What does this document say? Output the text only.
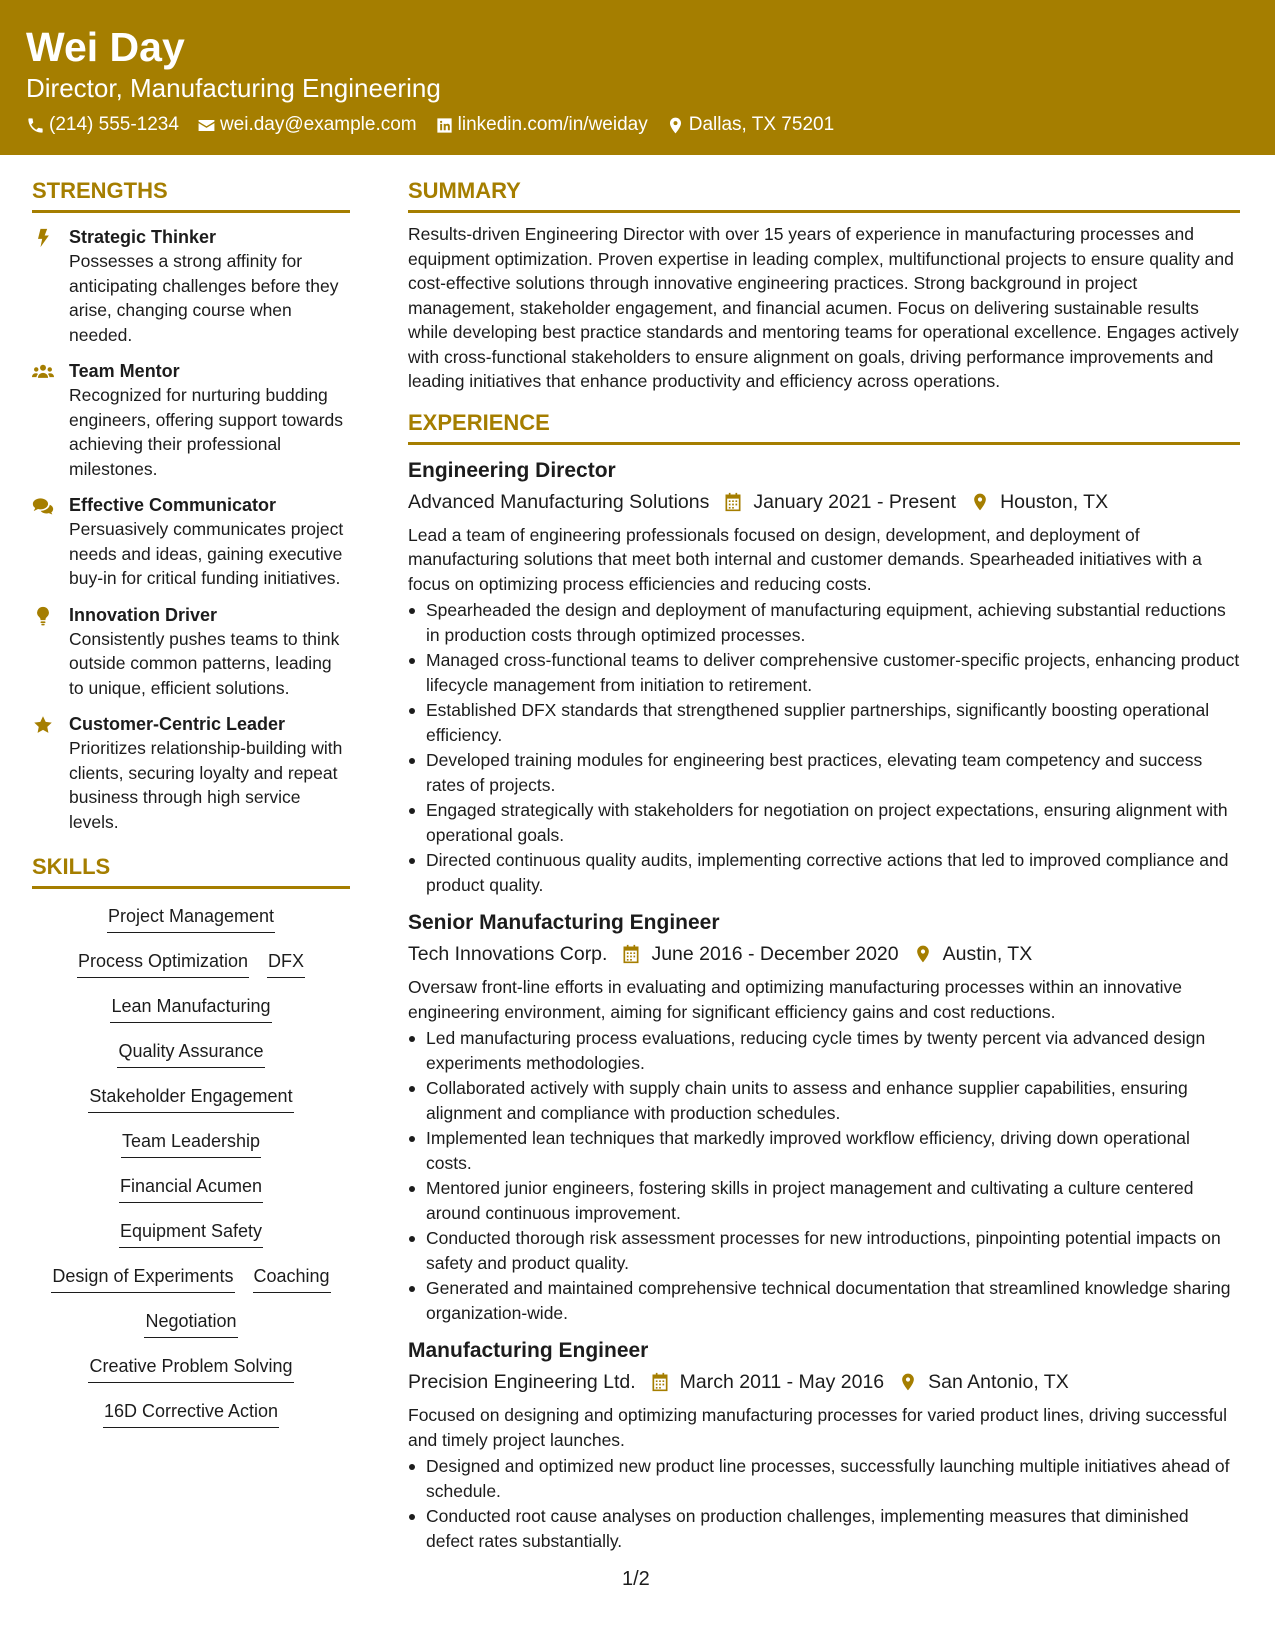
Wei Day
Director, Manufacturing Engineering
(214) 555-1234 wei.day@example.com linkedin.com/in/weiday Dallas, TX 75201
STRENGTHS
Strategic Thinker
Possesses a strong affinity for anticipating challenges before they arise, changing course when needed.
Team Mentor
Recognized for nurturing budding engineers, offering support towards achieving their professional milestones.
Effective Communicator
Persuasively communicates project needs and ideas, gaining executive buy-in for critical funding initiatives.
Innovation Driver
Consistently pushes teams to think outside common patterns, leading to unique, efficient solutions.
Customer-Centric Leader
Prioritizes relationship-building with clients, securing loyalty and repeat business through high service levels.
SKILLS
Project Management
Process Optimization DFX
Lean Manufacturing
Quality Assurance
Stakeholder Engagement
Team Leadership
Financial Acumen
Equipment Safety
Design of Experiments Coaching
Negotiation
Creative Problem Solving
16D Corrective Action
SUMMARY
Results-driven Engineering Director with over 15 years of experience in manufacturing processes and equipment optimization. Proven expertise in leading complex, multifunctional projects to ensure quality and cost-effective solutions through innovative engineering practices. Strong background in project management, stakeholder engagement, and financial acumen. Focus on delivering sustainable results while developing best practice standards and mentoring teams for operational excellence. Engages actively with cross-functional stakeholders to ensure alignment on goals, driving performance improvements and leading initiatives that enhance productivity and efficiency across operations.
EXPERIENCE
Engineering Director
Advanced Manufacturing Solutions January 2021 - Present Houston, TX
Lead a team of engineering professionals focused on design, development, and deployment of manufacturing solutions that meet both internal and customer demands. Spearheaded initiatives with a focus on optimizing process efficiencies and reducing costs.
Spearheaded the design and deployment of manufacturing equipment, achieving substantial reductions in production costs through optimized processes.
Managed cross-functional teams to deliver comprehensive customer-specific projects, enhancing product lifecycle management from initiation to retirement.
Established DFX standards that strengthened supplier partnerships, significantly boosting operational efficiency.
Developed training modules for engineering best practices, elevating team competency and success rates of projects.
Engaged strategically with stakeholders for negotiation on project expectations, ensuring alignment with operational goals.
Directed continuous quality audits, implementing corrective actions that led to improved compliance and product quality.
Senior Manufacturing Engineer
Tech Innovations Corp. June 2016 - December 2020 Austin, TX
Oversaw front-line efforts in evaluating and optimizing manufacturing processes within an innovative engineering environment, aiming for significant efficiency gains and cost reductions.
Led manufacturing process evaluations, reducing cycle times by twenty percent via advanced design experiments methodologies.
Collaborated actively with supply chain units to assess and enhance supplier capabilities, ensuring alignment and compliance with production schedules.
Implemented lean techniques that markedly improved workflow efficiency, driving down operational costs.
Mentored junior engineers, fostering skills in project management and cultivating a culture centered around continuous improvement.
Conducted thorough risk assessment processes for new introductions, pinpointing potential impacts on safety and product quality.
Generated and maintained comprehensive technical documentation that streamlined knowledge sharing organization-wide.
Manufacturing Engineer
Precision Engineering Ltd. March 2011 - May 2016 San Antonio, TX
Focused on designing and optimizing manufacturing processes for varied product lines, driving successful and timely project launches.
Designed and optimized new product line processes, successfully launching multiple initiatives ahead of schedule.
Conducted root cause analyses on production challenges, implementing measures that diminished defect rates substantially.
1/2
